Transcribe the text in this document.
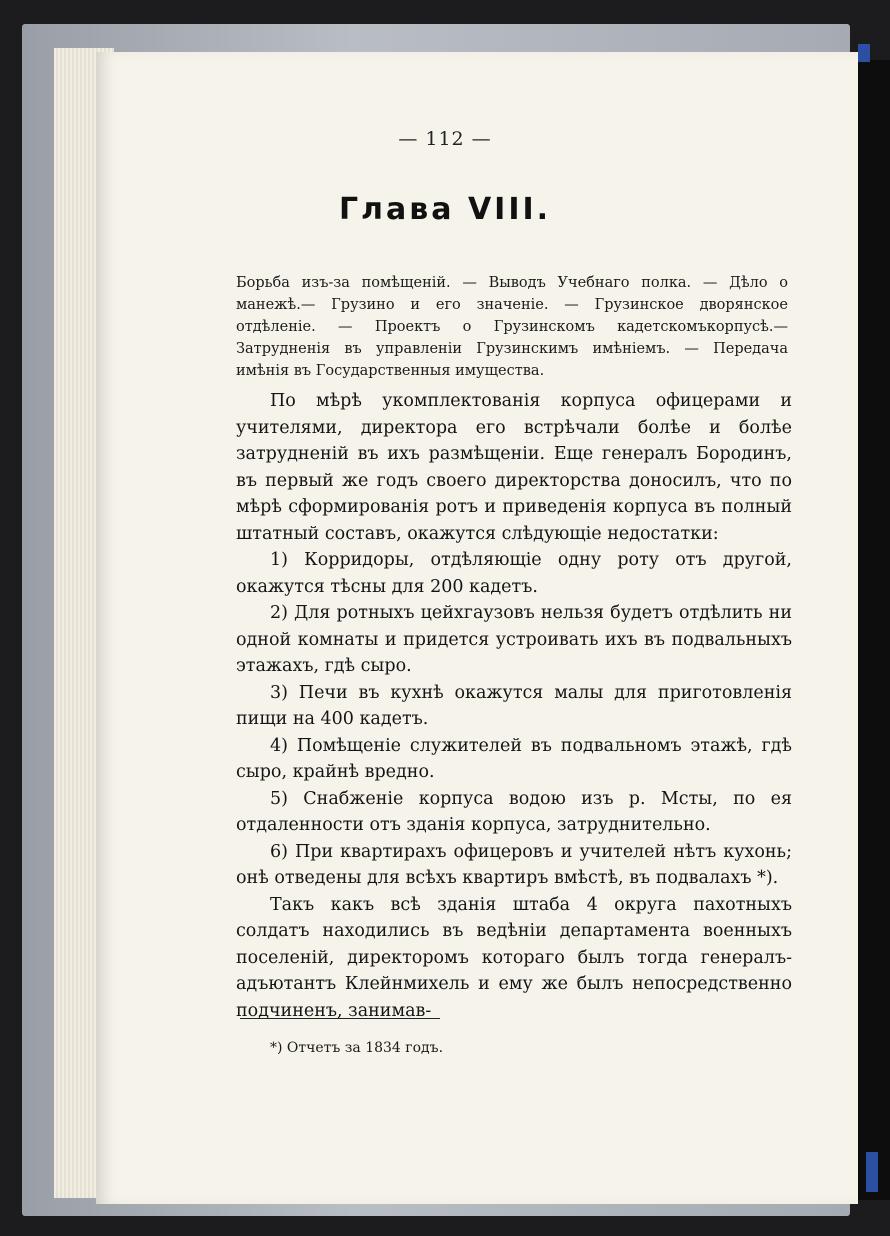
— 112 —
Глава VIII.

Борьба изъ-за помѣщеній. — Выводъ Учебнаго полка. — Дѣло о манежѣ.— Грузино и его значеніе. — Грузинское дворянское отдѣленіе. — Проектъ о Грузинскомъ кадетскомъкорпусѣ.—Затрудненія въ управленіи Грузинскимъ имѣніемъ. — Передача имѣнія въ Государственныя имущества.

По мѣрѣ укомплектованія корпуса офицерами и учителями, директора его встрѣчали болѣе и болѣе затрудненій въ ихъ размѣщеніи. Еще генералъ Бородинъ, въ первый же годъ своего директорства доносилъ, что по мѣрѣ сформированія ротъ и приведенія корпуса въ полный штатный составъ, окажутся слѣдующіе недостатки:

1) Корридоры, отдѣляющіе одну роту отъ другой, окажутся тѣсны для 200 кадетъ.

2) Для ротныхъ цейхгаузовъ нельзя будетъ отдѣлить ни одной комнаты и придется устроивать ихъ въ подвальныхъ этажахъ, гдѣ сыро.

3) Печи въ кухнѣ окажутся малы для приготовленія пищи на 400 кадетъ.

4) Помѣщеніе служителей въ подвальномъ этажѣ, гдѣ сыро, крайнѣ вредно.

5) Снабженіе корпуса водою изъ р. Мсты, по ея отдаленности отъ зданія корпуса, затруднительно.

6) При квартирахъ офицеровъ и учителей нѣтъ кухонь; онѣ отведены для всѣхъ квартиръ вмѣстѣ, въ подвалахъ *).

Такъ какъ всѣ зданія штаба 4 округа пахотныхъ солдатъ находились въ ведѣніи департамента военныхъ поселеній, директоромъ котораго былъ тогда генералъ-адъютантъ Клейнмихель и ему же былъ непосредственно подчиненъ, занимав-

*) Отчетъ за 1834 годъ.
